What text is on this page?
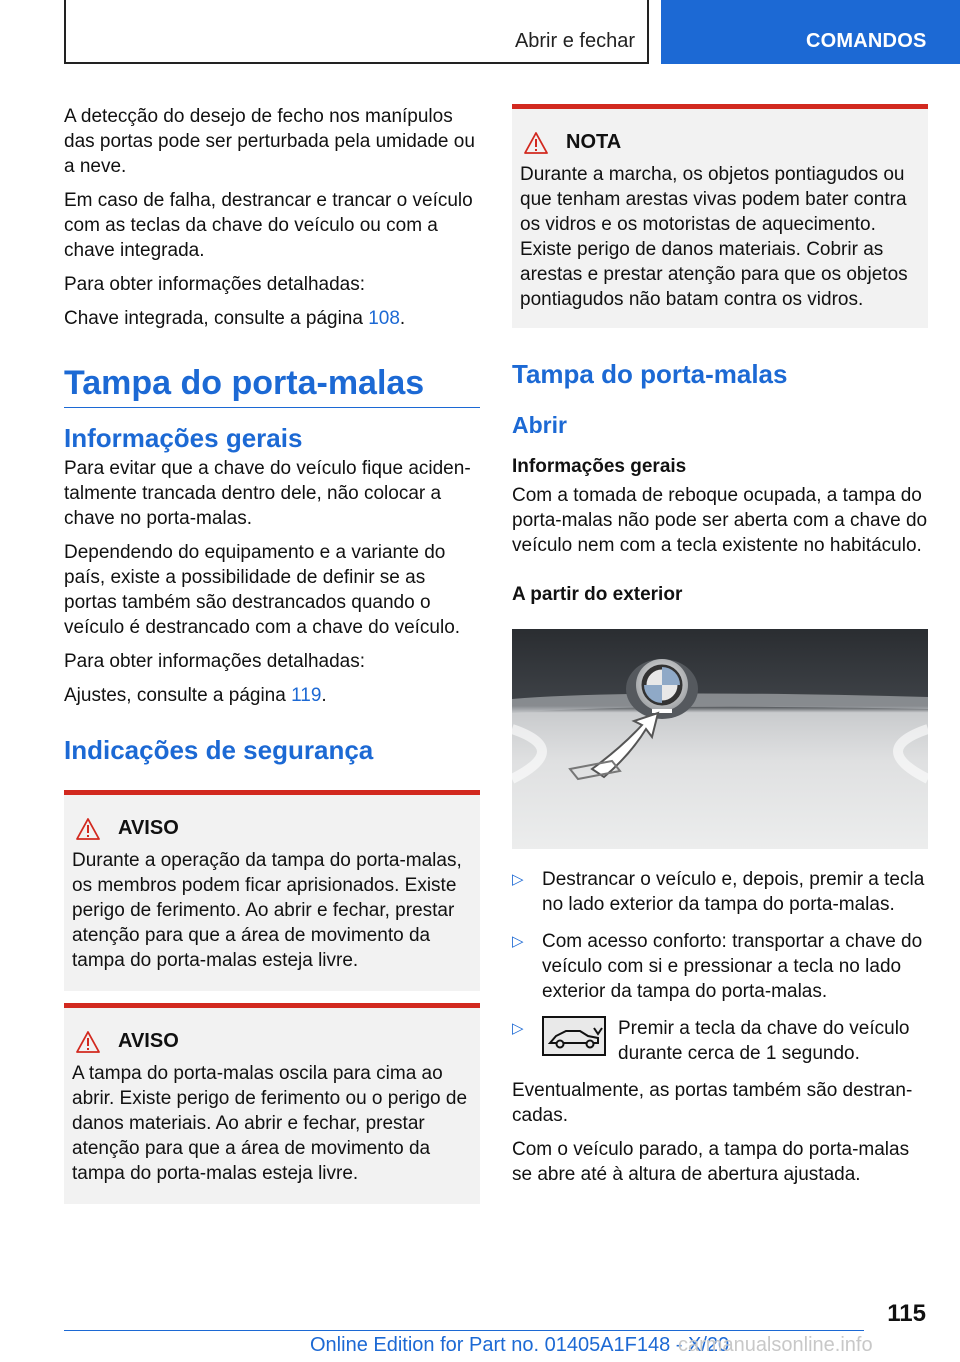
Abrir e fechar	COMANDOS

A detecção do desejo de fecho nos manípulos das portas pode ser perturbada pela umidade ou a neve.

Em caso de falha, destrancar e trancar o veículo com as teclas da chave do veículo ou com a chave integrada.

Para obter informações detalhadas:

Chave integrada, consulte a página 108.

Tampa do porta-malas
Informações gerais

Para evitar que a chave do veículo fique acidentalmente trancada dentro dele, não colocar a chave no porta-malas.

Dependendo do equipamento e a variante do país, existe a possibilidade de definir se as portas também são destrancados quando o veículo é destrancado com a chave do veículo.

Para obter informações detalhadas:

Ajustes, consulte a página 119.

Indicações de segurança
AVISO

Durante a operação da tampa do porta-malas, os membros podem ficar aprisionados. Existe perigo de ferimento. Ao abrir e fechar, prestar atenção para que a área de movimento da tampa do porta-malas esteja livre.

AVISO

A tampa do porta-malas oscila para cima ao abrir. Existe perigo de ferimento ou o perigo de danos materiais. Ao abrir e fechar, prestar atenção para que a área de movimento da tampa do porta-malas esteja livre.

NOTA

Durante a marcha, os objetos pontiagudos ou que tenham arestas vivas podem bater contra os vidros e os motoristas de aquecimento. Existe perigo de danos materiais. Cobrir as arestas e prestar atenção para que os objetos pontiagudos não batam contra os vidros.

Tampa do porta-malas
Abrir
Informações gerais

Com a tomada de reboque ocupada, a tampa do porta-malas não pode ser aberta com a chave do veículo nem com a tecla existente no habitáculo.

A partir do exterior
▷ Destrancar o veículo e, depois, premir a tecla no lado exterior da tampa do porta-malas.
▷ Com acesso conforto: transportar a chave do veículo com si e pressionar a tecla no lado exterior da tampa do porta-malas.
▷	Premir a tecla da chave do veículo durante cerca de 1 segundo.

Eventualmente, as portas também são destrancadas.

Com o veículo parado, a tampa do porta-malas se abre até à altura de abertura ajustada.

115
Online Edition for Part no. 01405A1F148 - X/20
carmanualsonline.info
